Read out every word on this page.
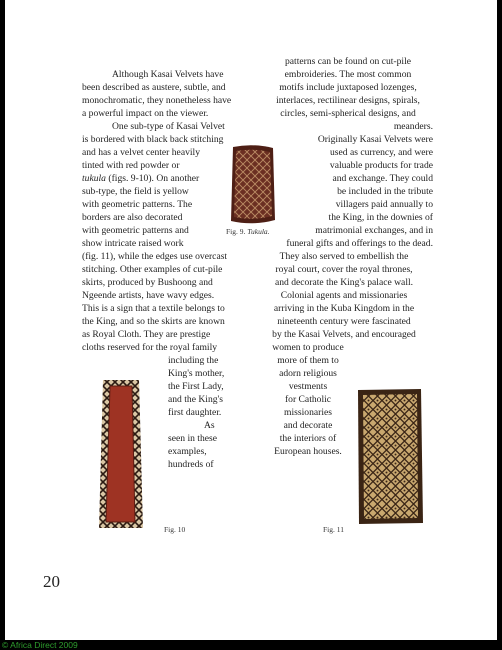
Although Kasai Velvets have
been described as austere, subtle, and
monochromatic, they nonetheless have
a powerful impact on the viewer.
One sub-type of Kasai Velvet
is bordered with black back stitching
and has a velvet center heavily
tinted with red powder or
tukula (figs. 9-10). On another
sub-type, the field is yellow
with geometric patterns. The
borders are also decorated
with geometric patterns and
show intricate raised work
(fig. 11), while the edges use overcast
stitching. Other examples of cut-pile
skirts, produced by Bushoong and
Ngeende artists, have wavy edges.
This is a sign that a textile belongs to
the King, and so the skirts are known
as Royal Cloth. They are prestige
cloths reserved for the royal family
including the
King's mother,
the First Lady,
and the King's
first daughter.
As
seen in these
examples,
hundreds of
patterns can be found on cut-pile
embroideries. The most common
motifs include juxtaposed lozenges,
interlaces, rectilinear designs, spirals,
circles, semi-spherical designs, and
meanders.
Originally Kasai Velvets were
used as currency, and were
valuable products for trade
and exchange. They could
be included in the tribute
villagers paid annually to
the King, in the downies of
matrimonial exchanges, and in
funeral gifts and offerings to the dead.
They also served to embellish the
royal court, cover the royal thrones,
and decorate the King's palace wall.
Colonial agents and missionaries
arriving in the Kuba Kingdom in the
nineteenth century were fascinated
by the Kasai Velvets, and encouraged
women to produce
more of them to
adorn religious
vestments
for Catholic
missionaries
and decorate
the interiors of
European houses.
Fig. 9. Tukula.
Fig. 10	Fig. 11
20
© Africa Direct 2009
